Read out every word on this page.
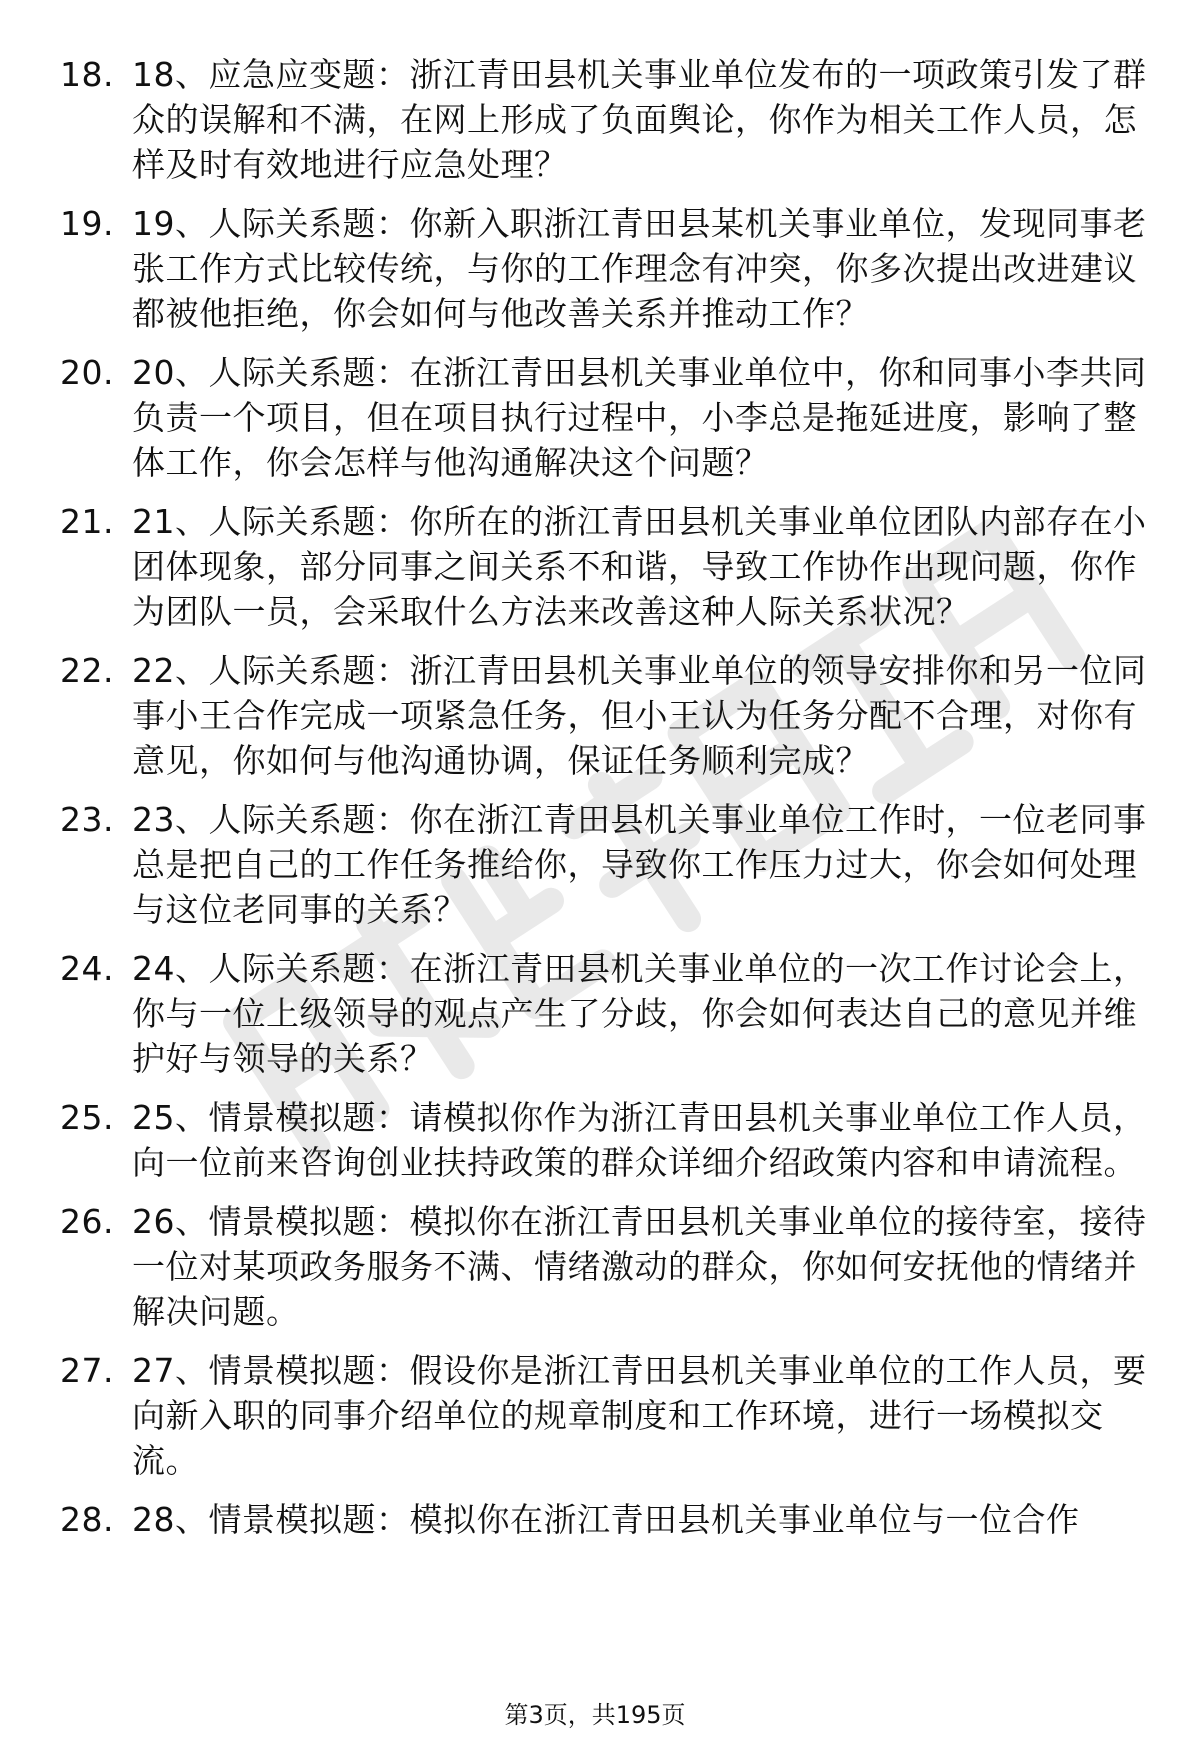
18. 18、应急应变题：浙江青田县机关事业单位发布的一项政策引发了群众的误解和不满，在网上形成了负面舆论，你作为相关工作人员，怎样及时有效地进行应急处理？
19. 19、人际关系题：你新入职浙江青田县某机关事业单位，发现同事老张工作方式比较传统，与你的工作理念有冲突，你多次提出改进建议都被他拒绝，你会如何与他改善关系并推动工作？
20. 20、人际关系题：在浙江青田县机关事业单位中，你和同事小李共同负责一个项目，但在项目执行过程中，小李总是拖延进度，影响了整体工作，你会怎样与他沟通解决这个问题？
21. 21、人际关系题：你所在的浙江青田县机关事业单位团队内部存在小团体现象，部分同事之间关系不和谐，导致工作协作出现问题，你作为团队一员，会采取什么方法来改善这种人际关系状况？
22. 22、人际关系题：浙江青田县机关事业单位的领导安排你和另一位同事小王合作完成一项紧急任务，但小王认为任务分配不合理，对你有意见，你如何与他沟通协调，保证任务顺利完成？
23. 23、人际关系题：你在浙江青田县机关事业单位工作时，一位老同事总是把自己的工作任务推给你，导致你工作压力过大，你会如何处理与这位老同事的关系？
24. 24、人际关系题：在浙江青田县机关事业单位的一次工作讨论会上，你与一位上级领导的观点产生了分歧，你会如何表达自己的意见并维护好与领导的关系？
25. 25、情景模拟题：请模拟你作为浙江青田县机关事业单位工作人员，向一位前来咨询创业扶持政策的群众详细介绍政策内容和申请流程。
26. 26、情景模拟题：模拟你在浙江青田县机关事业单位的接待室，接待一位对某项政务服务不满、情绪激动的群众，你如何安抚他的情绪并解决问题。
27. 27、情景模拟题：假设你是浙江青田县机关事业单位的工作人员，要向新入职的同事介绍单位的规章制度和工作环境，进行一场模拟交流。
28. 28、情景模拟题：模拟你在浙江青田县机关事业单位与一位合作
第3页，共195页
